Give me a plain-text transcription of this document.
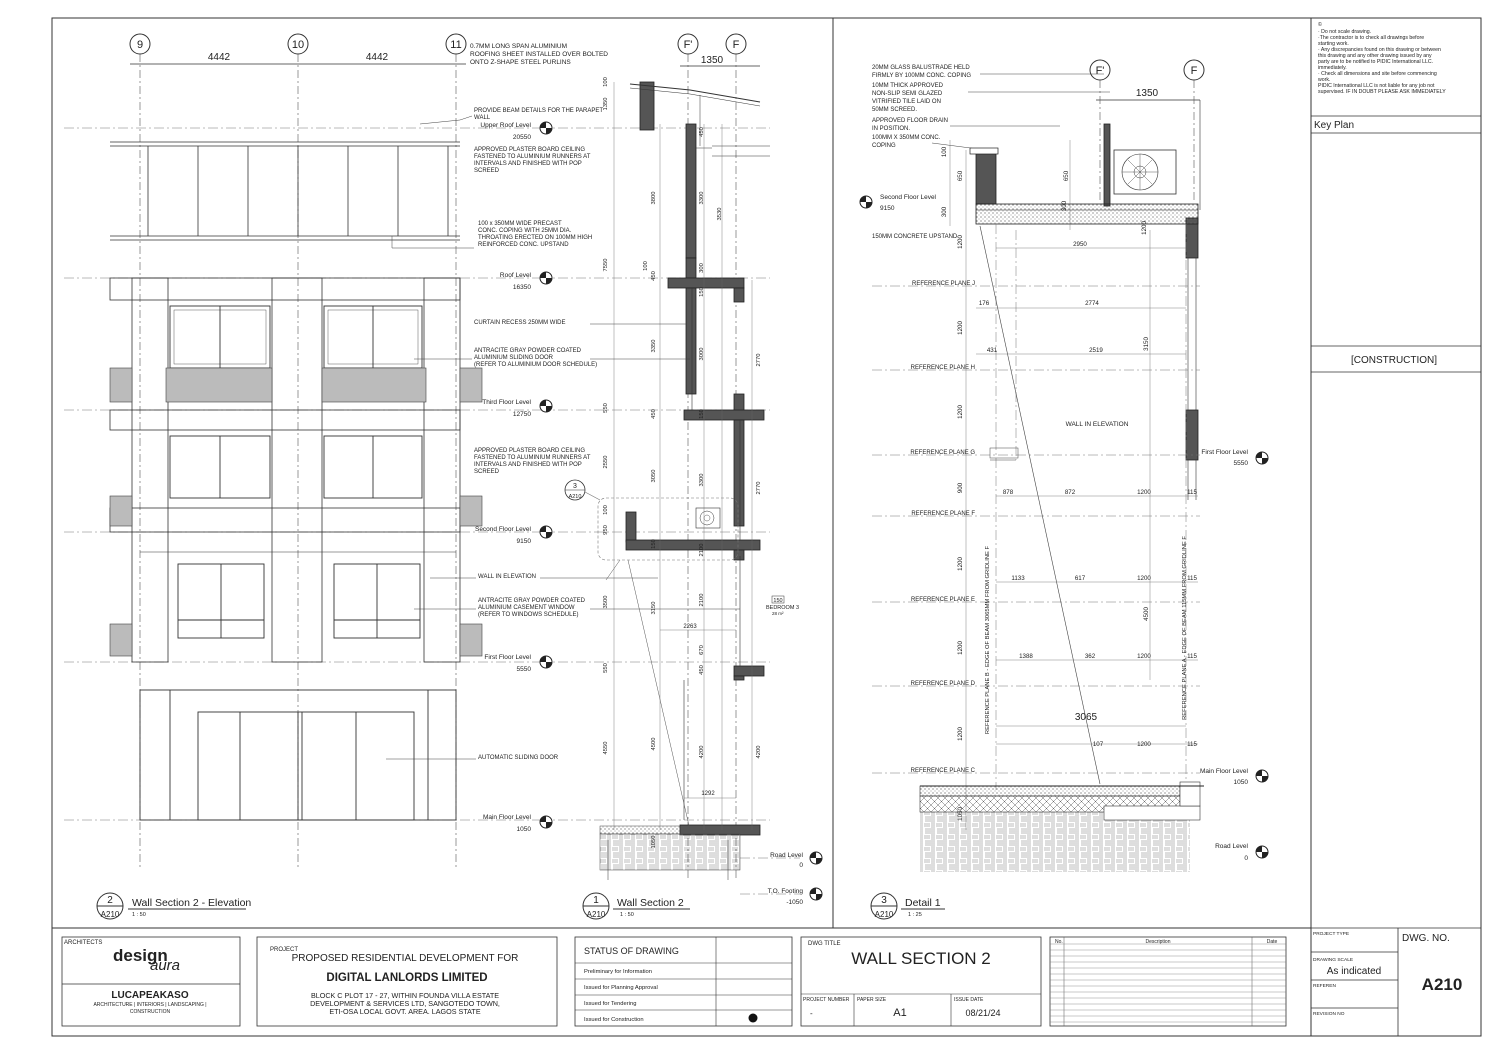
9	10	11
4442	4442
0.7MM LONG SPAN ALUMINIUM
ROOFING SHEET INSTALLED OVER BOLTED
ONTO Z-SHAPE STEEL PURLINS
2
A210
Wall Section 2 - Elevation
1 : 50
F'	F
1350
100
1350
450
3800	3300
3530
7550	100
450
300
150
3350
3000	2770
550
450	150
2550
3050	3300
2770
100
950
150	2100
3500	3150
2100
550	450
670
4500
4550	4200	4200
1050
2263
1292
150
BEDROOM 3
28 m²
3
A210
Upper Roof Level
20550
Roof Level
16350
Third Floor Level
12750
Second Floor Level
9150
First Floor Level
5550
Main Floor Level
1050
Road Level
0
T.O. Footing
-1050
PROVIDE BEAM DETAILS FOR THE PARAPET
WALL
APPROVED PLASTER BOARD CEILING
FASTENED TO ALUMINIUM RUNNERS AT
INTERVALS AND FINISHED WITH POP
SCREED
100 x 350MM WIDE PRECAST
CONC. COPING WITH 25MM DIA.
THROATING ERECTED ON 100MM HIGH
REINFORCED CONC. UPSTAND
CURTAIN RECESS 250MM WIDE
ANTRACITE GRAY POWDER COATED
ALUMINIUM SLIDING DOOR
(REFER TO ALUMINIUM DOOR SCHEDULE)
APPROVED PLASTER BOARD CEILING
FASTENED TO ALUMINIUM RUNNERS AT
INTERVALS AND FINISHED WITH POP
SCREED
WALL IN ELEVATION
ANTRACITE GRAY POWDER COATED
ALUMINIUM CASEMENT WINDOW
(REFER TO WINDOWS SCHEDULE)
AUTOMATIC SLIDING DOOR
1
A210
Wall Section 2
1 : 50
F'	F
1350
20MM GLASS BALUSTRADE HELD
FIRMLY BY 100MM CONC. COPING
10MM THICK APPROVED
NON-SLIP SEMI GLAZED
VITRIFIED TILE LAID ON
50MM SCREED.
APPROVED FLOOR DRAIN
IN POSITION.
100MM X 350MM CONC.
COPING
150MM CONCRETE UPSTAND
REFERENCE PLANE J
REFERENCE PLANE H
REFERENCE PLANE G
REFERENCE PLANE F
REFERENCE PLANE E
REFERENCE PLANE D
REFERENCE PLANE C
REFERENCE PLANE B - EDGE OF BEAM 3065MM FROM GRIDLINE F	REFERENCE PLANE A - EDGE OF BEAM 115MM FROM GRIDLINE F
WALL IN ELEVATION
2950
176	2774
431	2519
878	872	1200	115
1133	617	1200	115
1388	362	1200	115
107	1200	115
3065
3150
4500
650	650
100
300
1200
1200
1200
900
1200
1200
1200
1200
300
Second Floor Level
9150
First Floor Level
5550
Main Floor Level
1050
Road Level
0
3
A210
Detail 1
1 : 25
©
· Do not scale drawing.
·The contractor is to check all drawings before
starting work.
· Any discrepancies found on this drawing or between
this drawing and any other drawing issued by any
party are to be notified to PIDIC International LLC.
immediately.
· Check all dimensions and site before commencing
work.
PIDIC International LLC is not liable for any job not
supervised. IF IN DOUBT PLEASE ASK IMMEDIATELY
Key Plan
[CONSTRUCTION]
PROJECT TYPE
DRAWING SCALE
As indicated
REFEREN
REVISION NO
DWG. NO.
A210
ARCHITECTS
design
aura
LUCAPEAKASO
ARCHITECTURE | INTERIORS | LANDSCAPING |
CONSTRUCTION
PROJECT
PROPOSED RESIDENTIAL DEVELOPMENT FOR
DIGITAL LANLORDS LIMITED
BLOCK C PLOT 17 - 27, WITHIN FOUNDA VILLA ESTATE
DEVELOPMENT & SERVICES LTD, SANGOTEDO TOWN,
ETI-OSA LOCAL GOVT. AREA. LAGOS STATE
STATUS OF DRAWING
Preliminary for Information
Issued for Planning Approval
Issued for Tendering
Issued for Construction
DWG TITLE
WALL SECTION 2
PROJECT NUMBER
-
PAPER SIZE
A1
ISSUE DATE
08/21/24
No.	Description	Date
